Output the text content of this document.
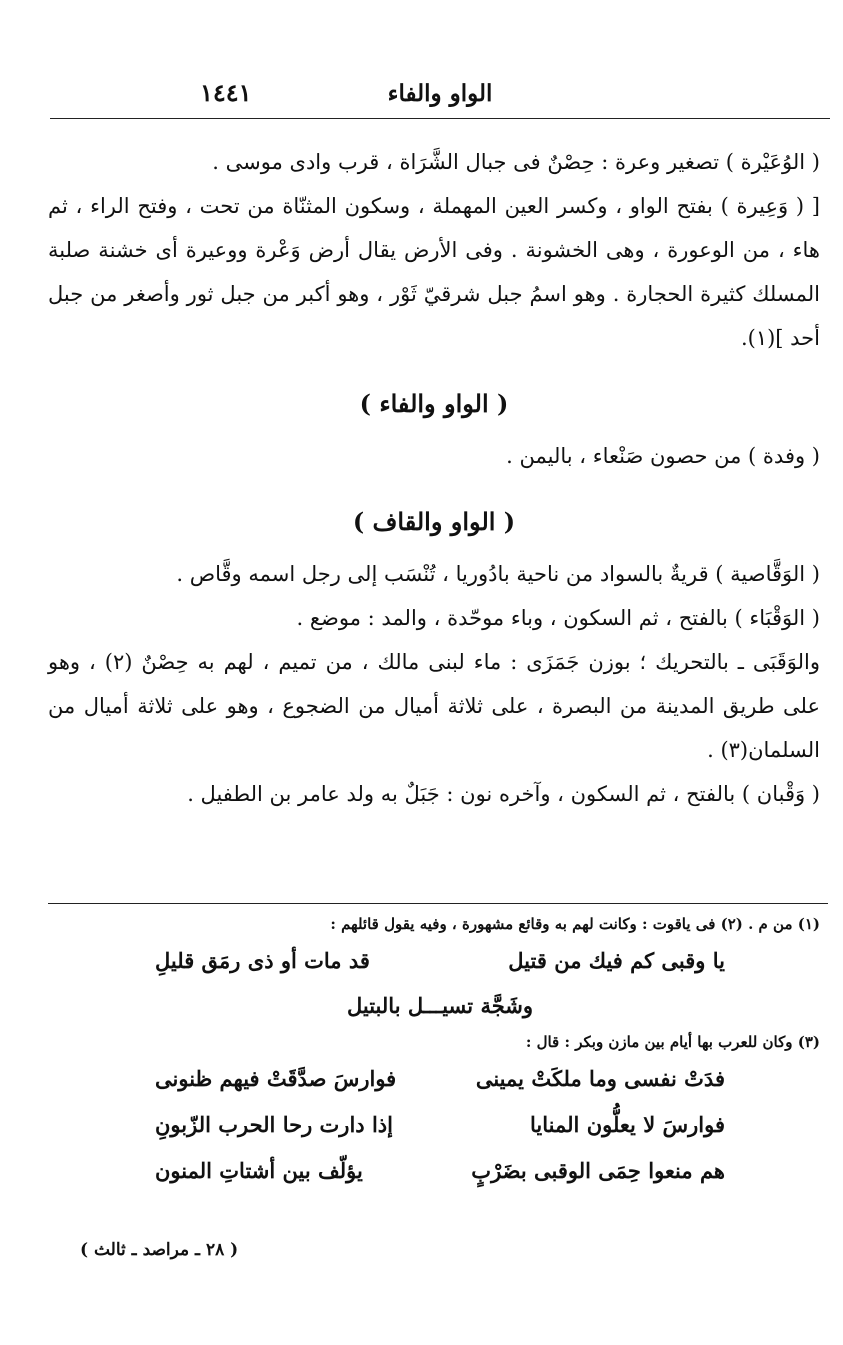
الواو والفاء
١٤٤١

( الوُعَيْرة ) تصغير وعرة : حِصْنٌ فى جبال الشَّرَاة ، قرب وادى موسى .

[ ( وَعِيرة ) بفتح الواو ، وكسر العين المهملة ، وسكون المثنّاة من تحت ، وفتح الراء ، ثم هاء ، من الوعورة ، وهى الخشونة . وفى الأرض يقال أرض وَعْرة ووعيرة أى خشنة صلبة المسلك كثيرة الحجارة . وهو اسمُ جبل شرقيّ ثَوْر ، وهو أكبر من جبل ثور وأصغر من جبل أحد ](١).

( الواو والفاء )

( وفدة ) من حصون صَنْعاء ، باليمن .

( الواو والقاف )

( الوَقَّاصية ) قريةٌ بالسواد من ناحية بادُوريا ، تُنْسَب إلى رجل اسمه وقَّاص .

( الوَقْبَاء ) بالفتح ، ثم السكون ، وباء موحّدة ، والمد : موضع .

والوَقَبَى ـ بالتحريك ؛ بوزن جَمَزَى : ماء لبنى مالك ، من تميم ، لهم به حِصْنٌ (٢) ، وهو على طريق المدينة من البصرة ، على ثلاثة أميال من الضجوع ، وهو على ثلاثة أميال من السلمان(٣) .

( وَقْبان ) بالفتح ، ثم السكون ، وآخره نون : جَبَلٌ به ولد عامر بن الطفيل .

(١) من م . (٢) فى ياقوت : وكانت لهم به وقائع مشهورة ، وفيه يقول قائلهم :

يا وقبى كم فيك من قتيل
قد مات أو ذى رمَق قليلِ
وشَجَّة تسيـــل بالبتيل

(٣) وكان للعرب بها أيام بين مازن وبكر : قال :

فدَتْ نفسى وما ملكَتْ يمينى
فوارسَ صدَّقَتْ فيهم ظنونى
فوارسَ لا يعلُّون المنايا
إذا دارت رحا الحرب الزّبونِ
هم منعوا حِمَى الوقبى بضَرْبٍ
يؤلّف بين أشتاتِ المنون
( ٢٨ ـ مراصد ـ ثالث )
